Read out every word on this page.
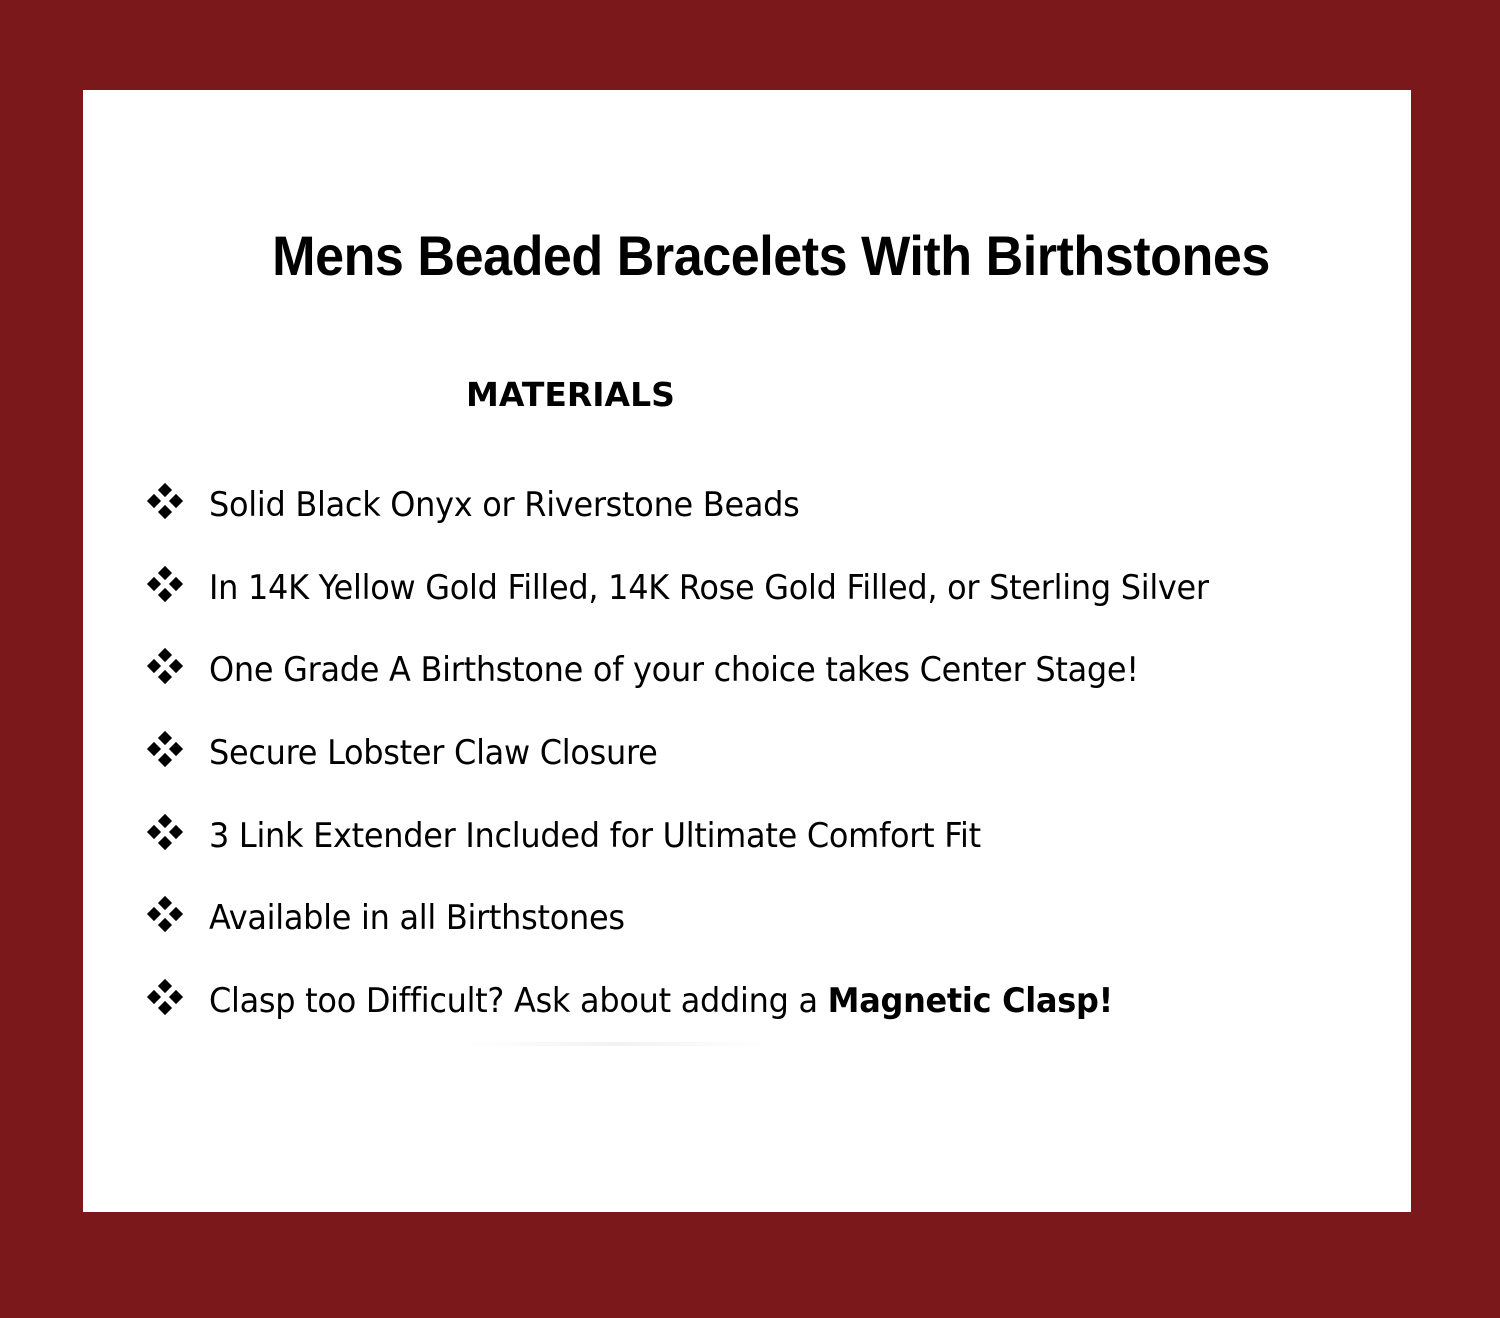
Mens Beaded Bracelets With Birthstones
MATERIALS
Solid Black Onyx or Riverstone Beads
In 14K Yellow Gold Filled, 14K Rose Gold Filled, or Sterling Silver
One Grade A Birthstone of your choice takes Center Stage!
Secure Lobster Claw Closure
3 Link Extender Included for Ultimate Comfort Fit
Available in all Birthstones
Clasp too Difficult? Ask about adding a Magnetic Clasp!
